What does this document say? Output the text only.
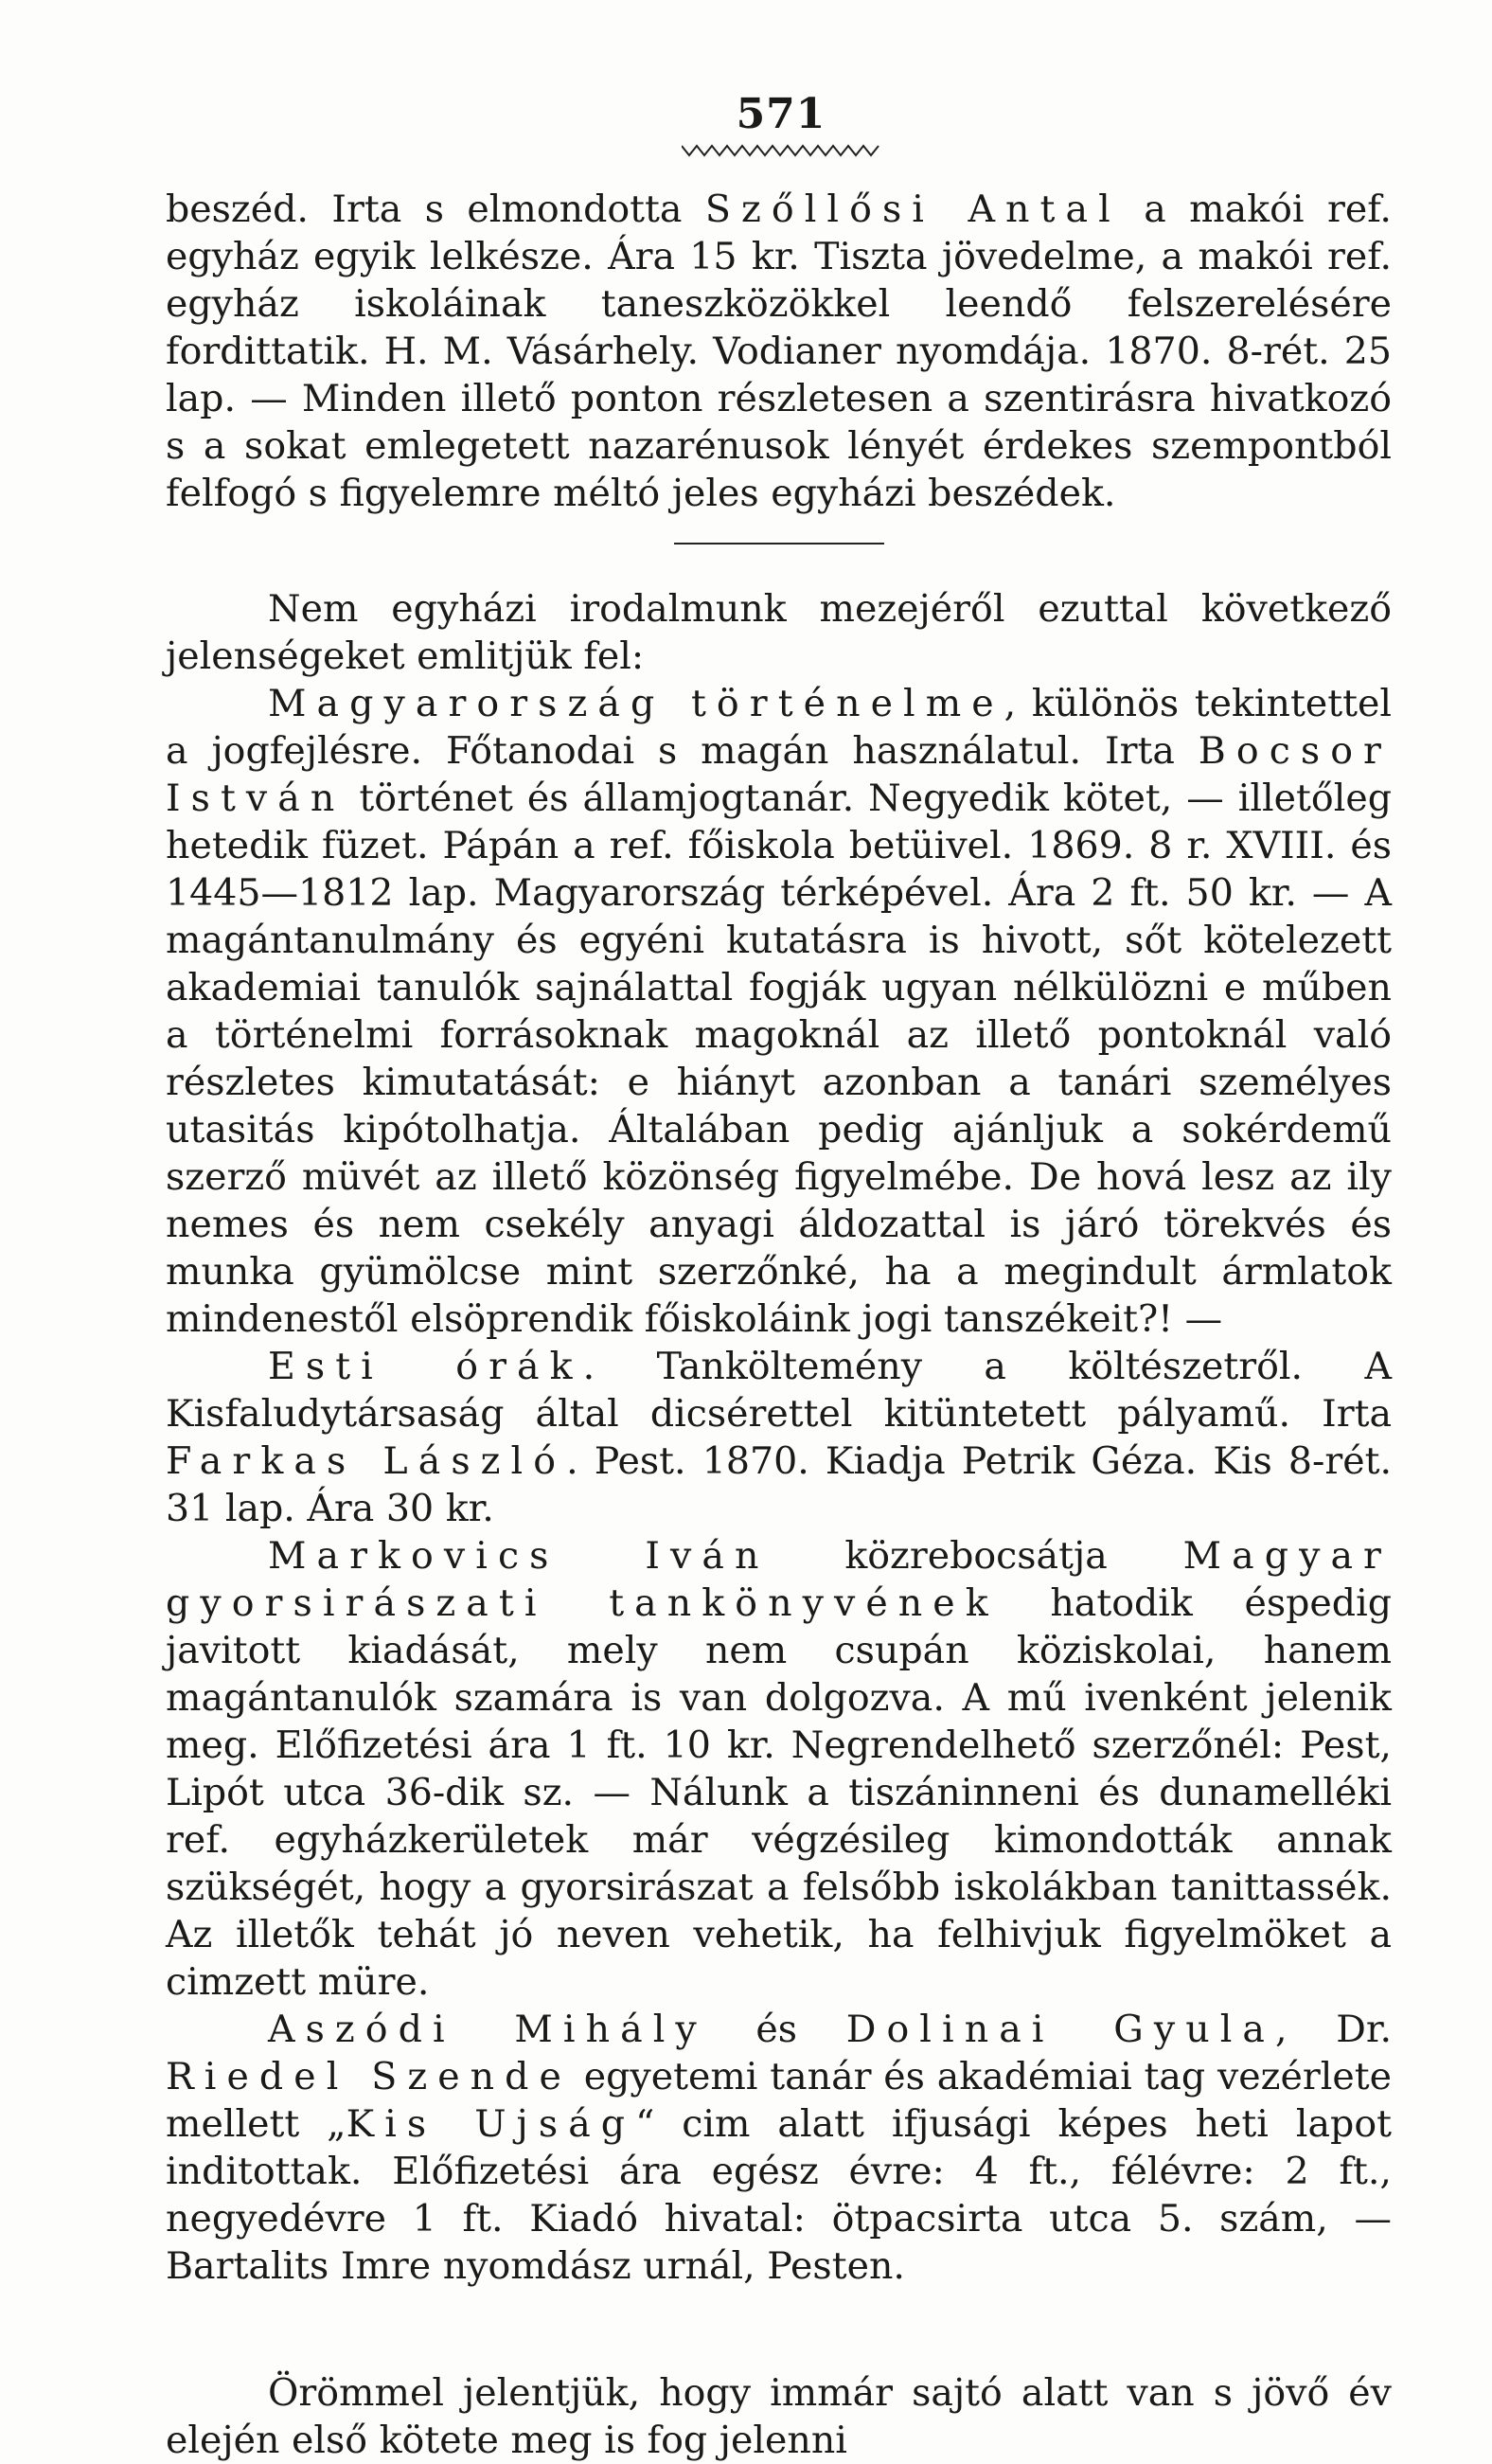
571

beszéd. Irta s elmondotta Szőllősi Antal a makói ref. egyház egyik lelkésze. Ára 15 kr. Tiszta jövedelme, a makói ref. egyház iskoláinak taneszközökkel leendő felszerelésére fordittatik. H. M. Vásárhely. Vodianer nyomdája. 1870. 8-rét. 25 lap. — Minden illető ponton részletesen a szentirásra hivatkozó s a sokat emlegetett nazarénusok lényét érdekes szempontból felfogó s figyelemre méltó jeles egyházi beszédek.

Nem egyházi irodalmunk mezejéről ezuttal következő jelenségeket emlitjük fel:

Magyarország történelme, különös tekintettel a jogfejlésre. Főtanodai s magán használatul. Irta Bocsor István történet és államjogtanár. Negyedik kötet, — illetőleg hetedik füzet. Pápán a ref. főiskola betüivel. 1869. 8 r. XVIII. és 1445—1812 lap. Magyarország térképével. Ára 2 ft. 50 kr. — A magántanulmány és egyéni kutatásra is hivott, sőt kötelezett akademiai tanulók sajnálattal fogják ugyan nélkülözni e műben a történelmi forrásoknak magoknál az illető pontoknál való részletes kimutatását: e hiányt azonban a tanári személyes utasitás kipótolhatja. Általában pedig ajánljuk a sokérdemű szerző müvét az illető közönség figyelmébe. De hová lesz az ily nemes és nem csekély anyagi áldozattal is járó törekvés és munka gyümölcse mint szerzőnké, ha a megindult ármlatok mindenestől elsöprendik főiskoláink jogi tanszékeit?! —

Esti órák. Tanköltemény a költészetről. A Kisfaludytársaság által dicsérettel kitüntetett pályamű. Irta Farkas László. Pest. 1870. Kiadja Petrik Géza. Kis 8-rét. 31 lap. Ára 30 kr.

Markovics Iván közrebocsátja Magyar gyorsirászati tankönyvének hatodik éspedig javitott kiadását, mely nem csupán köziskolai, hanem magántanulók szamára is van dolgozva. A mű ivenként jelenik meg. Előfizetési ára 1 ft. 10 kr. Negrendelhető szerzőnél: Pest, Lipót utca 36-dik sz. — Nálunk a tiszáninneni és dunamelléki ref. egyházkerületek már végzésileg kimondották annak szükségét, hogy a gyorsirászat a felsőbb iskolákban tanittassék. Az illetők tehát jó neven vehetik, ha felhivjuk figyelmöket a cimzett müre.

Aszódi Mihály és Dolinai Gyula, Dr. Riedel Szende egyetemi tanár és akadémiai tag vezérlete mellett „Kis Ujság“ cim alatt ifjusági képes heti lapot inditottak. Előfizetési ára egész évre: 4 ft., félévre: 2 ft., negyedévre 1 ft. Kiadó hivatal: ötpacsirta utca 5. szám, — Bartalits Imre nyomdász urnál, Pesten.

Örömmel jelentjük, hogy immár sajtó alatt van s jövő év elején első kötete meg is fog jelenni
